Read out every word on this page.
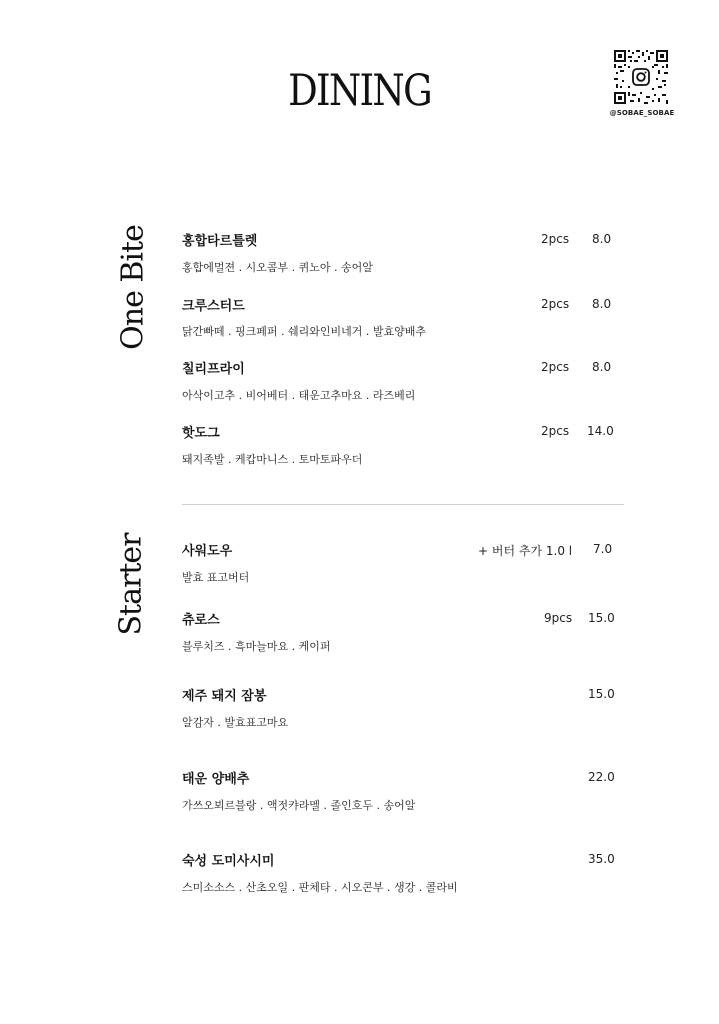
DINING	@SOBAE_SOBAE
One Bite 홍합타르틀렛	2pcs 8.0
홍합에멀젼 . 시오콤부 . 퀴노아 . 송어알
크루스터드	2pcs 8.0
닭간빠떼 . 핑크페퍼 . 쉐리와인비네거 . 발효양배추
칠리프라이	2pcs 8.0
아삭이고추 . 비어베터 . 태운고추마요 . 라즈베리
핫도그	2pcs 14.0
돼지족발 . 케캅마니스 . 토마토파우더
Starter	사워도우	+ 버터 추가 1.0 l 7.0
발효 표고버터
츄로스	9pcs 15.0
블루치즈 . 흑마늘마요 . 케이퍼
제주 돼지 잠봉	15.0
알감자 . 발효표고마요
태운 양배추	22.0
가쓰오뵈르블랑 . 액젓캬라멜 . 졸인호두 . 송어알
숙성 도미사시미	35.0
스미소소스 . 산초오일 . 판체타 . 시오콘부 . 생강 . 콜라비
